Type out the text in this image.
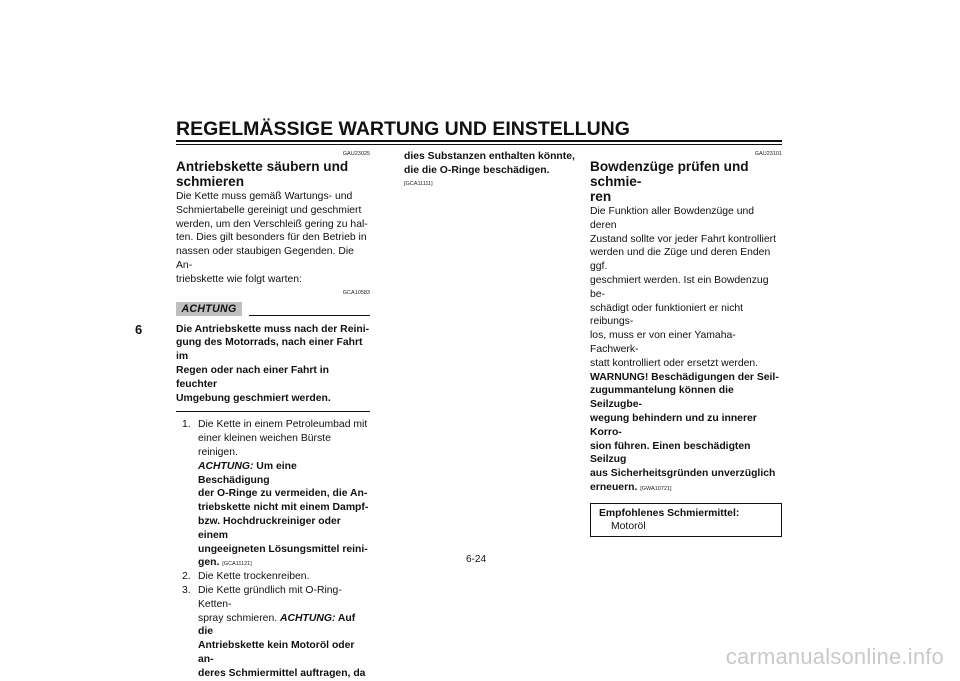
REGELMÄSSIGE WARTUNG UND EINSTELLUNG
6

GAU23025

Antriebskette säubern und
schmieren

Die Kette muss gemäß Wartungs- und
Schmiertabelle gereinigt und geschmiert
werden, um den Verschleiß gering zu hal-
ten. Dies gilt besonders für den Betrieb in
nassen oder staubigen Gegenden. Die An-
triebskette wie folgt warten:

GCA10583

ACHTUNG

Die Antriebskette muss nach der Reini-
gung des Motorrads, nach einer Fahrt im
Regen oder nach einer Fahrt in feuchter
Umgebung geschmiert werden.

1. Die Kette in einem Petroleumbad mit
einer kleinen weichen Bürste reinigen.
ACHTUNG: Um eine Beschädigung
der O-Ringe zu vermeiden, die An-
triebskette nicht mit einem Dampf-
bzw. Hochdruckreiniger oder einem
ungeeigneten Lösungsmittel reini-
gen. [GCA11121]
2. Die Kette trockenreiben.
3. Die Kette gründlich mit O-Ring-Ketten-
spray schmieren. ACHTUNG: Auf die
Antriebskette kein Motoröl oder an-
deres Schmiermittel auftragen, da

dies Substanzen enthalten könnte,
die die O-Ringe beschädigen.

[GCA11111]

GAU23101

Bowdenzüge prüfen und schmie-
ren

Die Funktion aller Bowdenzüge und deren
Zustand sollte vor jeder Fahrt kontrolliert
werden und die Züge und deren Enden ggf.
geschmiert werden. Ist ein Bowdenzug be-
schädigt oder funktioniert er nicht reibungs-
los, muss er von einer Yamaha-Fachwerk-
statt kontrolliert oder ersetzt werden.

WARNUNG! Beschädigungen der Seil-
zugummantelung können die Seilzugbe-
wegung behindern und zu innerer Korro-
sion führen. Einen beschädigten Seilzug
aus Sicherheitsgründen unverzüglich
erneuern. [GWA10721]

Empfohlenes Schmiermittel:
Motoröl
6-24
carmanualsonline.info
